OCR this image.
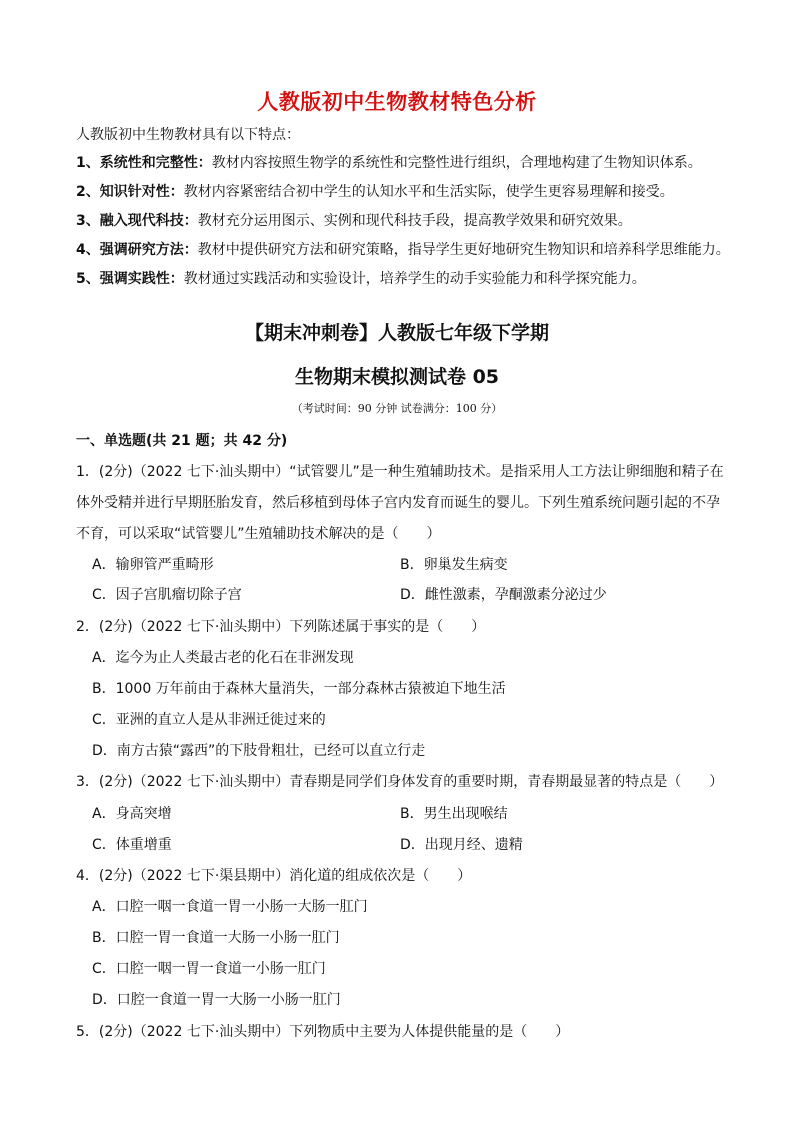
人教版初中生物教材特色分析
人教版初中生物教材具有以下特点：
1、系统性和完整性：教材内容按照生物学的系统性和完整性进行组织，合理地构建了生物知识体系。
2、知识针对性：教材内容紧密结合初中学生的认知水平和生活实际，使学生更容易理解和接受。
3、融入现代科技：教材充分运用图示、实例和现代科技手段，提高教学效果和研究效果。
4、强调研究方法：教材中提供研究方法和研究策略，指导学生更好地研究生物知识和培养科学思维能力。
5、强调实践性：教材通过实践活动和实验设计，培养学生的动手实验能力和科学探究能力。
【期末冲刺卷】人教版七年级下学期
生物期末模拟测试卷 05
（考试时间：90 分钟 试卷满分：100 分）
一、单选题(共 21 题；共 42 分)
1．(2分)（2022 七下·汕头期中）“试管婴儿”是一种生殖辅助技术。是指采用人工方法让卵细胞和精子在
体外受精并进行早期胚胎发育，然后移植到母体子宫内发育而诞生的婴儿。下列生殖系统问题引起的不孕
不育，可以采取“试管婴儿”生殖辅助技术解决的是（　　）
A．输卵管严重畸形	B．卵巢发生病变
C．因子宫肌瘤切除子宫	D．雌性激素，孕酮激素分泌过少
2．(2分)（2022 七下·汕头期中）下列陈述属于事实的是（　　）
A．迄今为止人类最古老的化石在非洲发现
B．1000 万年前由于森林大量消失，一部分森林古猿被迫下地生活
C．亚洲的直立人是从非洲迁徙过来的
D．南方古猿“露西”的下肢骨粗壮，已经可以直立行走
3．(2分)（2022 七下·汕头期中）青春期是同学们身体发育的重要时期，青春期最显著的特点是（　　）
A．身高突增	B．男生出现喉结
C．体重增重	D．出现月经、遗精
4．(2分)（2022 七下·渠县期中）消化道的组成依次是（　　）
A．口腔一咽一食道一胃一小肠一大肠一肛门
B．口腔一胃一食道一大肠一小肠一肛门
C．口腔一咽一胃一食道一小肠一肛门
D．口腔一食道一胃一大肠一小肠一肛门
5．(2分)（2022 七下·汕头期中）下列物质中主要为人体提供能量的是（　　）
